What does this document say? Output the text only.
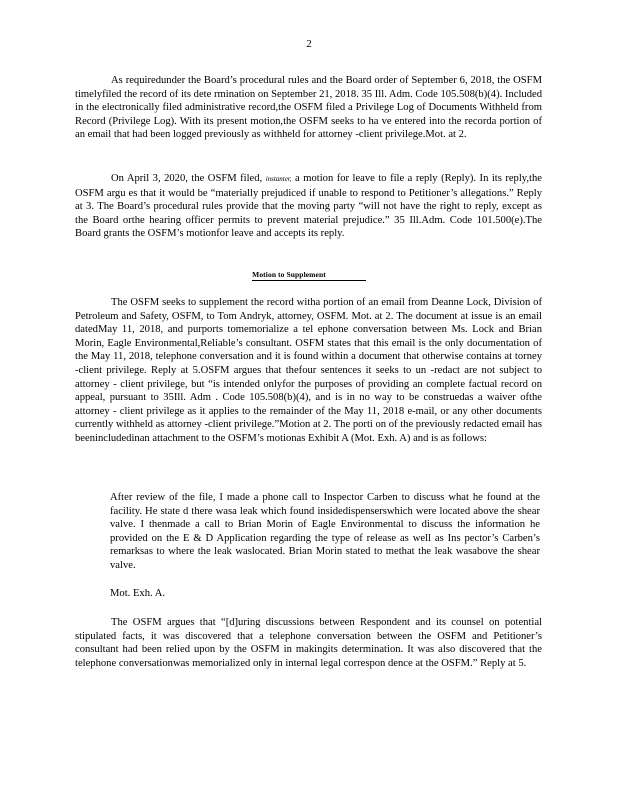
2

As requiredunder the Board’s procedural rules and the Board order of September 6, 2018, the OSFM timelyfiled the record of its dete rmination on September 21, 2018. 35 Ill. Adm. Code 105.508(b)(4). Included in the electronically filed administrative record,the OSFM filed a Privilege Log of Documents Withheld from Record (Privilege Log). With its present motion,the OSFM seeks to ha ve entered into the recorda portion of an email that had been logged previously as withheld for attorney -client privilege.Mot. at 2.

On April 3, 2020, the OSFM filed, instanter, a motion for leave to file a reply (Reply). In its reply,the OSFM argu es that it would be “materially prejudiced if unable to respond to Petitioner’s allegations.” Reply at 3. The Board’s procedural rules provide that the moving party “will not have the right to reply, except as the Board orthe hearing officer permits to prevent material prejudice.” 35 Ill.Adm. Code 101.500(e).The Board grants the OSFM’s motionfor leave and accepts its reply.

Motion to Supplement

The OSFM seeks to supplement the record witha portion of an email from Deanne Lock, Division of Petroleum and Safety, OSFM, to Tom Andryk, attorney, OSFM. Mot. at 2. The document at issue is an email datedMay 11, 2018, and purports tomemorialize a tel ephone conversation between Ms. Lock and Brian Morin, Eagle Environmental,Reliable’s consultant. OSFM states that this email is the only documentation of the May 11, 2018, telephone conversation and it is found within a document that otherwise contains at torney -client privilege. Reply at 5.OSFM argues that thefour sentences it seeks to un -redact are not subject to attorney - client privilege, but “is intended onlyfor the purposes of providing an complete factual record on appeal, pursuant to 35Ill. Adm . Code 105.508(b)(4), and is in no way to be construedas a waiver ofthe attorney - client privilege as it applies to the remainder of the May 11, 2018 e-mail, or any other documents currently withheld as attorney -client privilege.”Motion at 2. The porti on of the previously redacted email has beenincludedinan attachment to the OSFM’s motionas Exhibit A (Mot. Exh. A) and is as follows:

After review of the file, I made a phone call to Inspector Carben to discuss what he found at the facility. He state d there wasa leak which found insidedispenserswhich were located above the shear valve. I thenmade a call to Brian Morin of Eagle Environmental to discuss the information he provided on the E & D Application regarding the type of release as well as Ins pector’s Carben’s remarksas to where the leak waslocated. Brian Morin stated to methat the leak wasabove the shear valve.

Mot. Exh. A.

The OSFM argues that “[d]uring discussions between Respondent and its counsel on potential stipulated facts, it was discovered that a telephone conversation between the OSFM and Petitioner’s consultant had been relied upon by the OSFM in makingits determination. It was also discovered that the telephone conversationwas memorialized only in internal legal correspon dence at the OSFM.” Reply at 5.
